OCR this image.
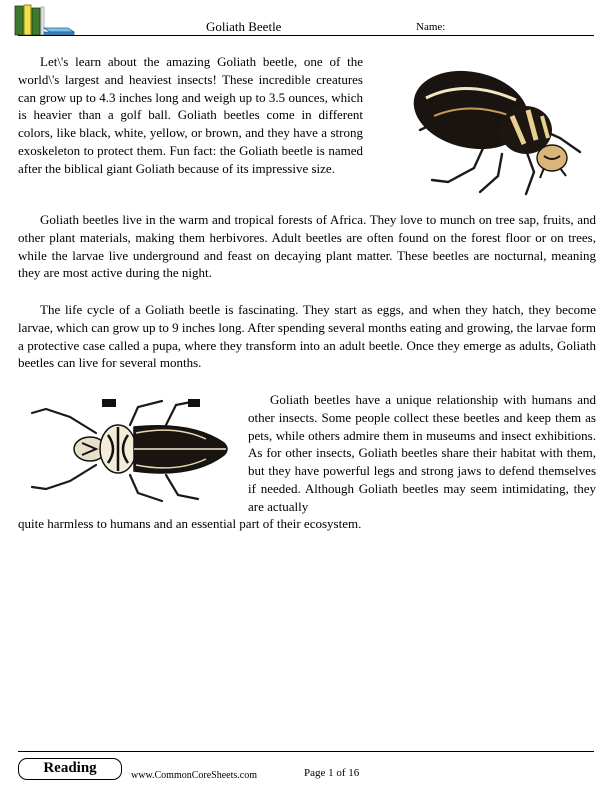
Goliath Beetle	Name:

Let\'s learn about the amazing Goliath beetle, one of the world\'s largest and heaviest insects! These incredible creatures can grow up to 4.3 inches long and weigh up to 3.5 ounces, which is heavier than a golf ball. Goliath beetles come in different colors, like black, white, yellow, or brown, and they have a strong exoskeleton to protect them. Fun fact: the Goliath beetle is named after the biblical giant Goliath because of its impressive size.

Goliath beetles live in the warm and tropical forests of Africa. They love to munch on tree sap, fruits, and other plant materials, making them herbivores. Adult beetles are often found on the forest floor or on trees, while the larvae live underground and feast on decaying plant matter. These beetles are nocturnal, meaning they are most active during the night.

The life cycle of a Goliath beetle is fascinating. They start as eggs, and when they hatch, they become larvae, which can grow up to 9 inches long. After spending several months eating and growing, the larvae form a protective case called a pupa, where they transform into an adult beetle. Once they emerge as adults, Goliath beetles can live for several months.

Goliath beetles have a unique relationship with humans and other insects. Some people collect these beetles and keep them as pets, while others admire them in museums and insect exhibitions. As for other insects, Goliath beetles share their habitat with them, but they have powerful legs and strong jaws to defend themselves if needed. Although Goliath beetles may seem intimidating, they are actually

quite harmless to humans and an essential part of their ecosystem.

Reading	www.CommonCoreSheets.com	Page 1 of 16
